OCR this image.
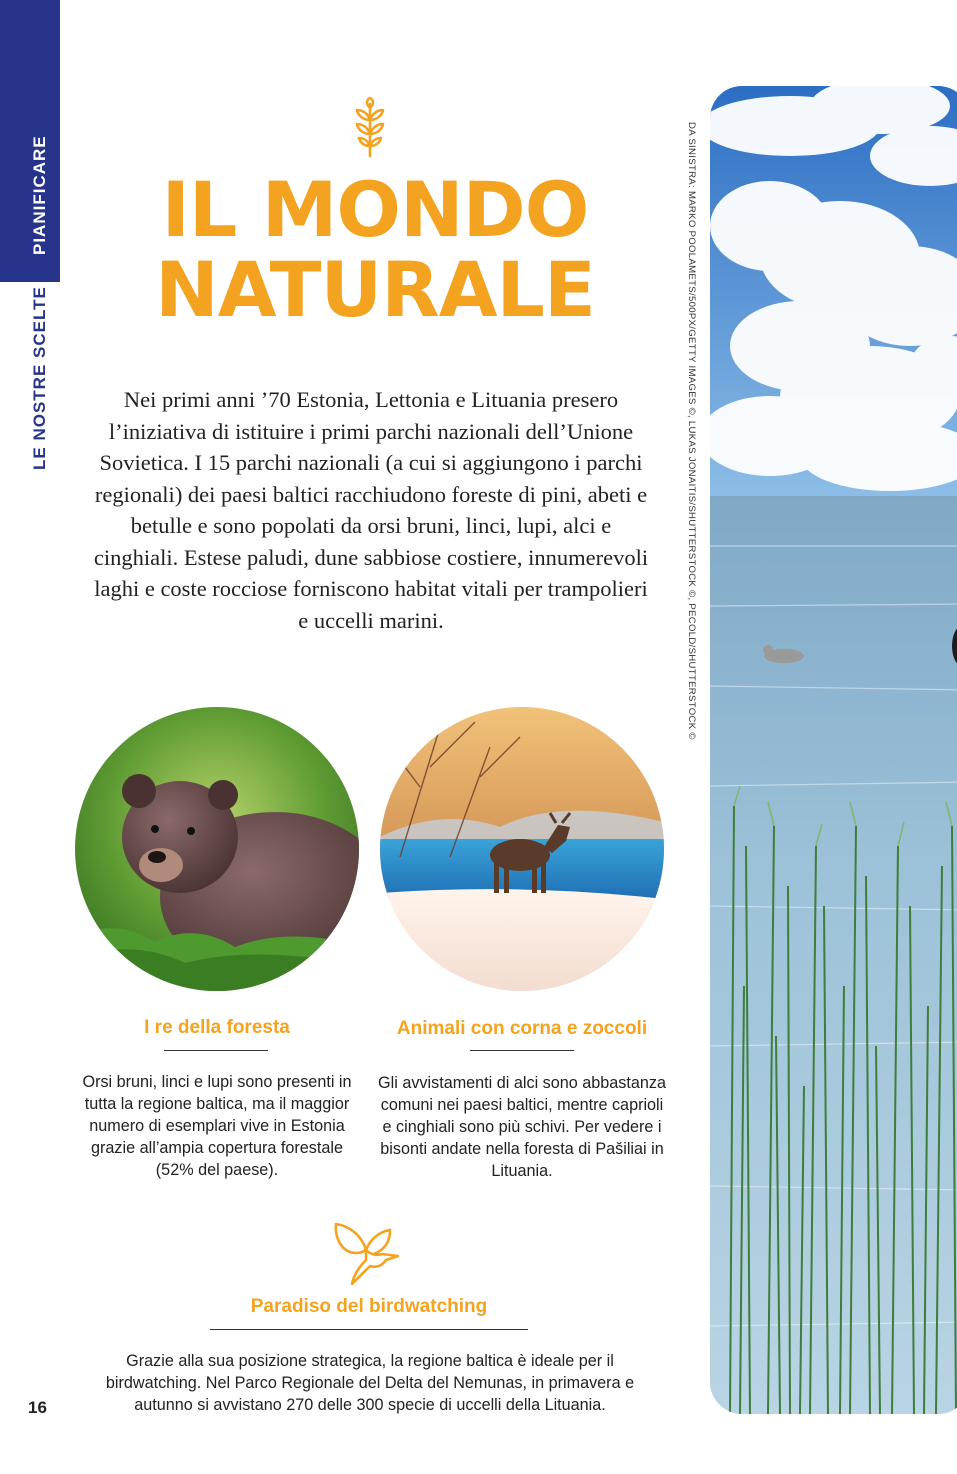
PIANIFICARE
LE NOSTRE SCELTE
IL MONDO
NATURALE
Nei primi anni ’70 Estonia, Lettonia e Lituania presero l’iniziativa di istituire i primi parchi nazionali dell’Unione Sovietica. I 15 parchi nazionali (a cui si aggiungono i parchi regionali) dei paesi baltici racchiudono foreste di pini, abeti e betulle e sono popolati da orsi bruni, linci, lupi, alci e cinghiali. Estese paludi, dune sabbiose costiere, innumerevoli laghi e coste rocciose forniscono habitat vitali per trampolieri e uccelli marini.
I re della foresta
Orsi bruni, linci e lupi sono presenti in tutta la regione baltica, ma il maggior numero di esemplari vive in Estonia grazie all’ampia copertura forestale (52% del paese).
Animali con corna e zoccoli
Gli avvistamenti di alci sono abbastanza comuni nei paesi baltici, mentre caprioli e cinghiali sono più schivi. Per vedere i bisonti andate nella foresta di Pašiliai in Lituania.
Paradiso del birdwatching
Grazie alla sua posizione strategica, la regione baltica è ideale per il birdwatching. Nel Parco Regionale del Delta del Nemunas, in primavera e autunno si avvistano 270 delle 300 specie di uccelli della Lituania.
16
DA SINISTRA: MARKO POOLAMETS/500PX/GETTY IMAGES ©, LUKAS JONAITIS/SHUTTERSTOCK ©, PECOLD/SHUTTERSTOCK ©
